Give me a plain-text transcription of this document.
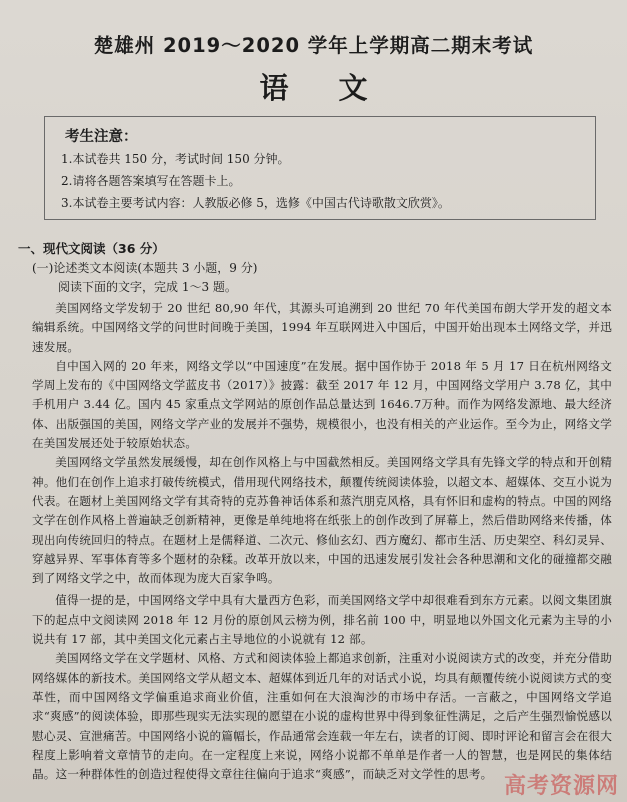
楚雄州 2019～2020 学年上学期高二期末考试
语文
考生注意：
1.本试卷共 150 分，考试时间 150 分钟。
2.请将各题答案填写在答题卡上。
3.本试卷主要考试内容：人教版必修 5，选修《中国古代诗歌散文欣赏》。
一、现代文阅读（36 分）
(一)论述类文本阅读(本题共 3 小题，9 分)
阅读下面的文字，完成 1～3 题。

美国网络文学发轫于 20 世纪 80,90 年代，其源头可追溯到 20 世纪 70 年代美国布朗大学开发的超文本编辑系统。中国网络文学的问世时间晚于美国，1994 年互联网进入中国后，中国开始出现本土网络文学，并迅速发展。

自中国入网的 20 年来，网络文学以“中国速度”在发展。据中国作协于 2018 年 5 月 17 日在杭州网络文学周上发布的《中国网络文学蓝皮书（2017）》披露：截至 2017 年 12 月，中国网络文学用户 3.78 亿，其中手机用户 3.44 亿。国内 45 家重点文学网站的原创作品总量达到 1646.7万种。而作为网络发源地、最大经济体、出版强国的美国，网络文学产业的发展并不强势，规模很小，也没有相关的产业运作。至今为止，网络文学在美国发展还处于较原始状态。

美国网络文学虽然发展缓慢，却在创作风格上与中国截然相反。美国网络文学具有先锋文学的特点和开创精神。他们在创作上追求打破传统模式，借用现代网络技术，颠覆传统阅读体验，以超文本、超媒体、交互小说为代表。在题材上美国网络文学有其奇特的克苏鲁神话体系和蒸汽朋克风格，具有怀旧和虚构的特点。中国的网络文学在创作风格上普遍缺乏创新精神，更像是单纯地将在纸张上的创作改到了屏幕上，然后借助网络来传播，体现出向传统回归的特点。在题材上是儒释道、二次元、修仙玄幻、西方魔幻、都市生活、历史架空、科幻灵异、穿越异界、军事体育等多个题材的杂糅。改革开放以来，中国的迅速发展引发社会各种思潮和文化的碰撞都交融到了网络文学之中，故而体现为庞大百家争鸣。

值得一提的是，中国网络文学中具有大量西方色彩，而美国网络文学中却很难看到东方元素。以阅文集团旗下的起点中文阅读网 2018 年 12 月份的原创风云榜为例，排名前 100 中，明显地以外国文化元素为主导的小说共有 17 部，其中美国文化元素占主导地位的小说就有 12 部。

美国网络文学在文学题材、风格、方式和阅读体验上都追求创新，注重对小说阅读方式的改变，并充分借助网络媒体的新技术。美国网络文学从超文本、超媒体到近几年的对话式小说，均具有颠覆传统小说阅读方式的变革性，而中国网络文学偏重追求商业价值，注重如何在大浪淘沙的市场中存活。一言蔽之，中国网络文学追求“爽感”的阅读体验，即那些现实无法实现的愿望在小说的虚构世界中得到象征性满足，之后产生强烈愉悦感以慰心灵、宣泄痛苦。中国网络小说的篇幅长，作品通常会连载一年左右，读者的订阅、即时评论和留言会在很大程度上影响着文章情节的走向。在一定程度上来说，网络小说都不单单是作者一人的智慧，也是网民的集体结晶。这一种群体性的创造过程使得文章往往偏向于追求“爽感”，而缺乏对文学性的思考。 高考资源网
